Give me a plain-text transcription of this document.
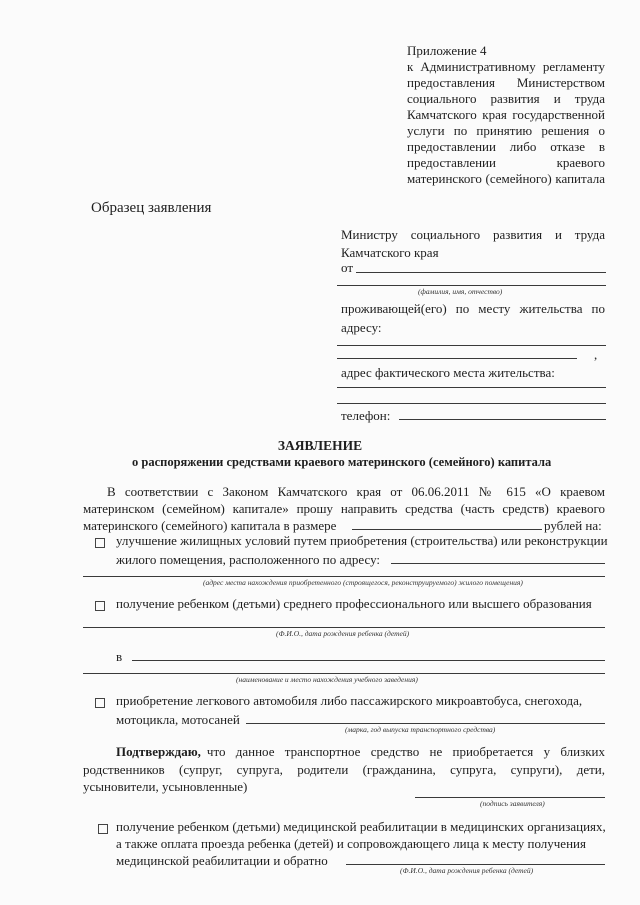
Приложение 4
к Административному регламенту
предоставления Министерством
социального развития и труда
Камчатского края государственной
услуги по принятию решения о
предоставлении либо отказе в
предоставлении краевого
материнского (семейного) капитала
Образец заявления
Министру социального развития и труда
Камчатского края
от
(фамилия, имя, отчество)
проживающей(его) по месту жительства по
адресу:
,
адрес фактического места жительства:
телефон:
ЗАЯВЛЕНИЕ
о распоряжении средствами краевого материнского (семейного) капитала
В соответствии с Законом Камчатского края от 06.06.2011 № 615 «О краевом
материнском (семейном) капитале» прошу направить средства (часть средств) краевого
материнского (семейного) капитала в размере	рублей на:
улучшение жилищных условий путем приобретения (строительства) или реконструкции
жилого помещения, расположенного по адресу:
(адрес места нахождения приобретенного (строящегося, реконструируемого) жилого помещения)
получение ребенком (детьми) среднего профессионального или высшего образования
(Ф.И.О., дата рождения ребенка (детей)
в
(наименование и место нахождения учебного заведения)
приобретение легкового автомобиля либо пассажирского микроавтобуса, снегохода,
мотоцикла, мотосаней
(марка, год выпуска транспортного средства)
Подтверждаю, что данное транспортное средство не приобретается у близких
родственников (супруг, супруга, родители (гражданина, супруга, супруги), дети,
усыновители, усыновленные)
(подпись заявителя)
получение ребенком (детьми) медицинской реабилитации в медицинских организациях,
а также оплата проезда ребенка (детей) и сопровождающего лица к месту получения
медицинской реабилитации и обратно
(Ф.И.О., дата рождения ребенка (детей)
